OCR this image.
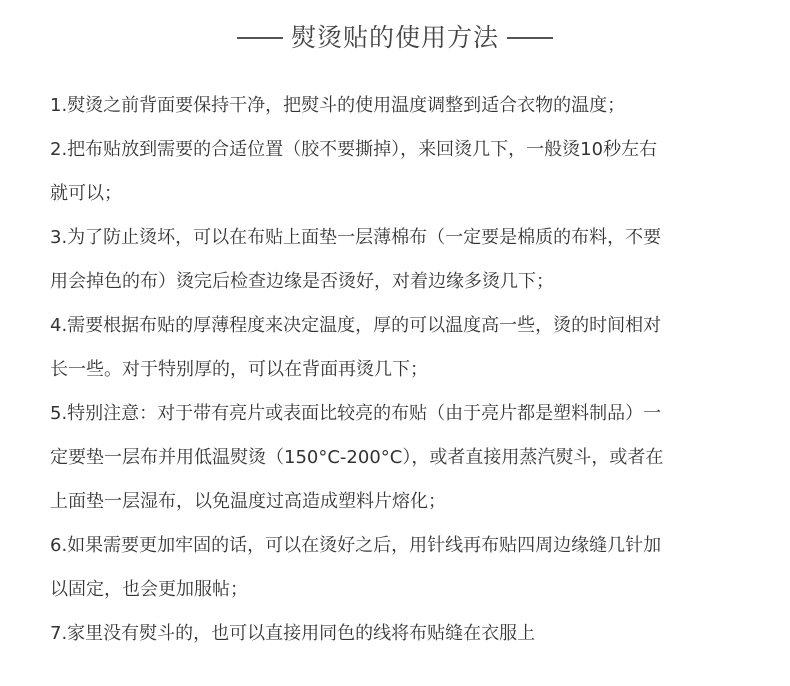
熨烫贴的使用方法
1.熨烫之前背面要保持干净，把熨斗的使用温度调整到适合衣物的温度；
2.把布贴放到需要的合适位置（胶不要撕掉），来回烫几下，一般烫10秒左右
就可以；
3.为了防止烫坏，可以在布贴上面垫一层薄棉布（一定要是棉质的布料，不要
用会掉色的布）烫完后检查边缘是否烫好，对着边缘多烫几下；
4.需要根据布贴的厚薄程度来决定温度，厚的可以温度高一些，烫的时间相对
长一些。对于特别厚的，可以在背面再烫几下；
5.特别注意：对于带有亮片或表面比较亮的布贴（由于亮片都是塑料制品）一
定要垫一层布并用低温熨烫（150°C-200°C），或者直接用蒸汽熨斗，或者在
上面垫一层湿布，以免温度过高造成塑料片熔化；
6.如果需要更加牢固的话，可以在烫好之后，用针线再布贴四周边缘缝几针加
以固定，也会更加服帖；
7.家里没有熨斗的，也可以直接用同色的线将布贴缝在衣服上
